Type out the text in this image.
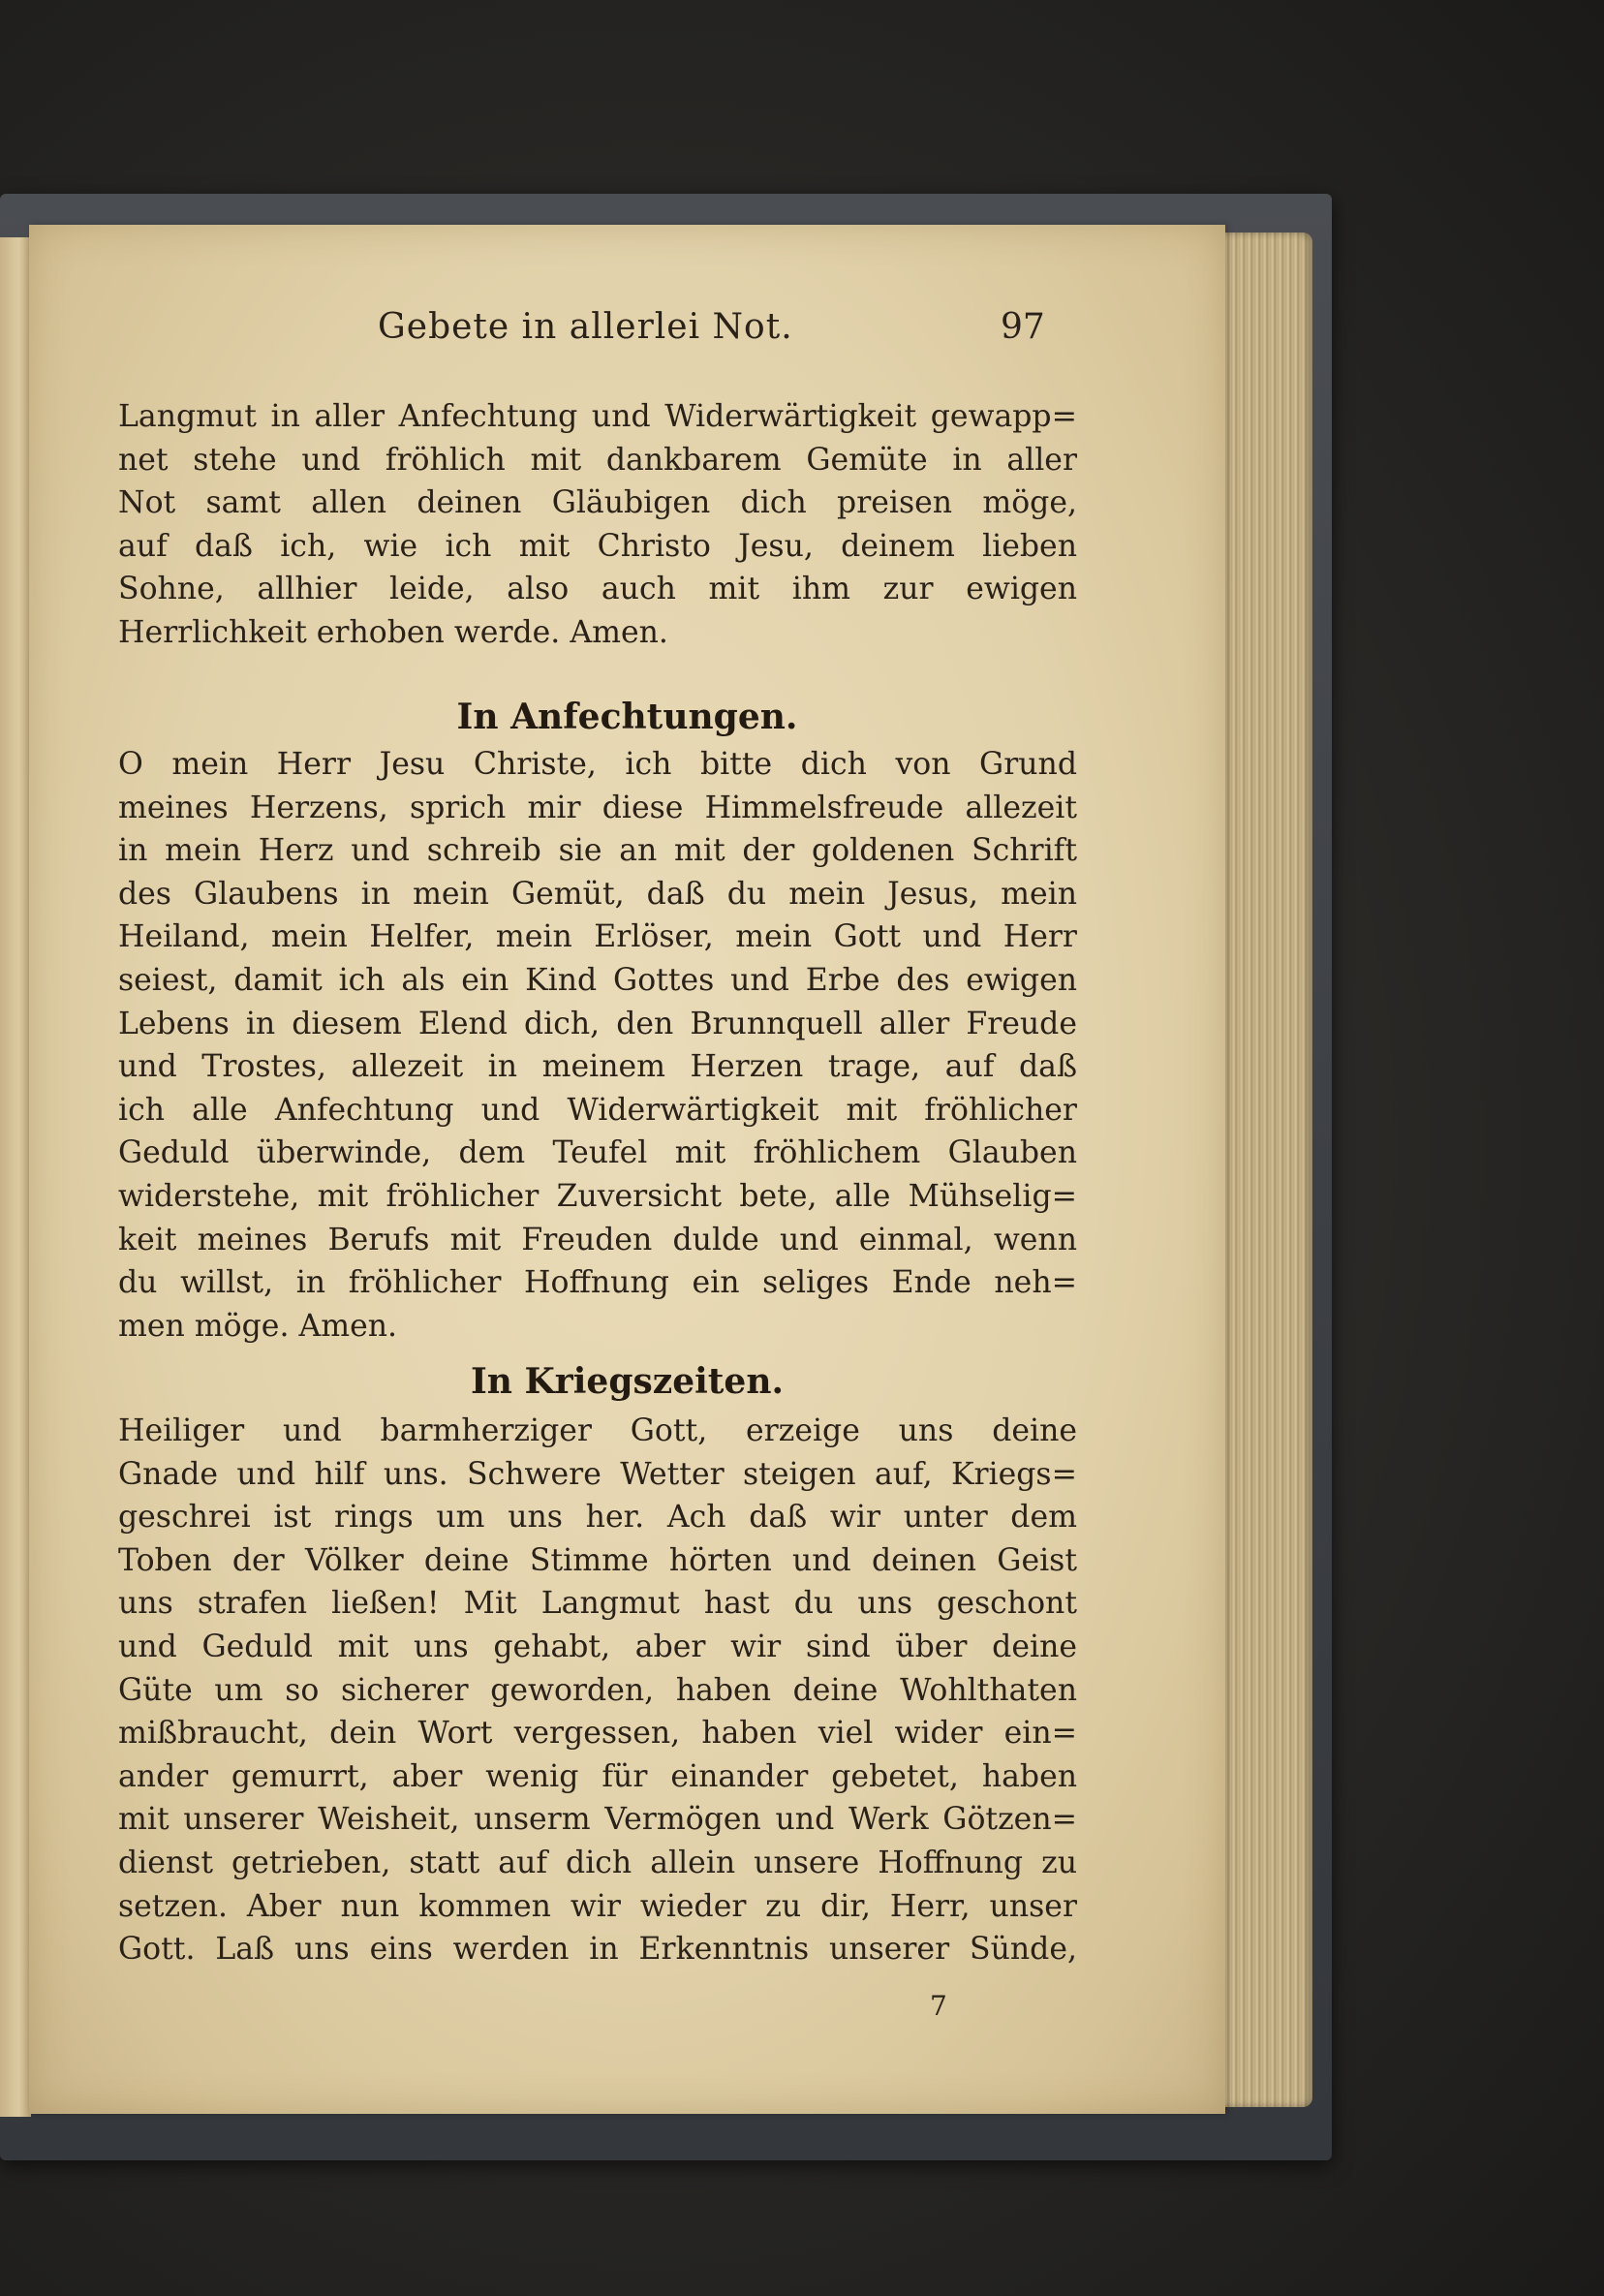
Gebete in allerlei Not.	97
Langmut in aller Anfechtung und Widerwärtigkeit gewapp=
net stehe und fröhlich mit dankbarem Gemüte in aller
Not samt allen deinen Gläubigen dich preisen möge,
auf daß ich, wie ich mit Christo Jesu, deinem lieben
Sohne, allhier leide, also auch mit ihm zur ewigen
Herrlichkeit erhoben werde. Amen.
In Anfechtungen.
O mein Herr Jesu Christe, ich bitte dich von Grund
meines Herzens, sprich mir diese Himmelsfreude allezeit
in mein Herz und schreib sie an mit der goldenen Schrift
des Glaubens in mein Gemüt, daß du mein Jesus, mein
Heiland, mein Helfer, mein Erlöser, mein Gott und Herr
seiest, damit ich als ein Kind Gottes und Erbe des ewigen
Lebens in diesem Elend dich, den Brunnquell aller Freude
und Trostes, allezeit in meinem Herzen trage, auf daß
ich alle Anfechtung und Widerwärtigkeit mit fröhlicher
Geduld überwinde, dem Teufel mit fröhlichem Glauben
widerstehe, mit fröhlicher Zuversicht bete, alle Mühselig=
keit meines Berufs mit Freuden dulde und einmal, wenn
du willst, in fröhlicher Hoffnung ein seliges Ende neh=
men möge. Amen.
In Kriegszeiten.
Heiliger und barmherziger Gott, erzeige uns deine
Gnade und hilf uns. Schwere Wetter steigen auf, Kriegs=
geschrei ist rings um uns her. Ach daß wir unter dem
Toben der Völker deine Stimme hörten und deinen Geist
uns strafen ließen! Mit Langmut hast du uns geschont
und Geduld mit uns gehabt, aber wir sind über deine
Güte um so sicherer geworden, haben deine Wohlthaten
mißbraucht, dein Wort vergessen, haben viel wider ein=
ander gemurrt, aber wenig für einander gebetet, haben
mit unserer Weisheit, unserm Vermögen und Werk Götzen=
dienst getrieben, statt auf dich allein unsere Hoffnung zu
setzen. Aber nun kommen wir wieder zu dir, Herr, unser
Gott. Laß uns eins werden in Erkenntnis unserer Sünde,
7
